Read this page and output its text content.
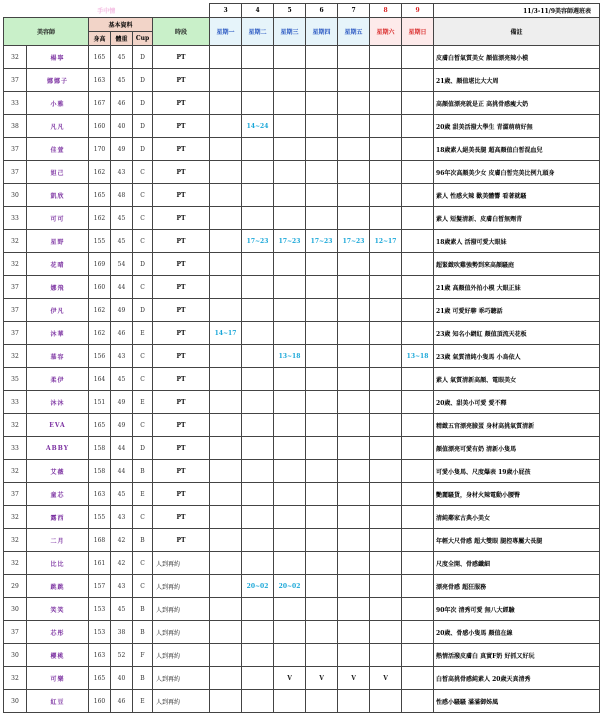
手中情						3	4	5	6	7	8	9	11/3-11/9美容師週班表
美容師		基本資料			時段	星期一	星期二	星期三	星期四	星期五	星期六	星期日	備註
		身高	體重	Cup									
32	楊寧	165	45	D	PT								皮膚白皙氣質美女 顏值漂亮辣小模
37	娜娜子	163	45	D	PT								21歲、顏值堪比大大周
33	小雅	167	46	D	PT								高顏值漂亮就是正 高挑骨感瘦大奶
38	凡凡	160	40	D	PT		14~24						20歲 甜美活潑大學生 青澀萌萌好無
37	佳萱	170	49	D	PT								18歲素人絕美長腿 超高顏值白皙混血兒
37	妲己	162	43	C	PT								96年次高顏美少女 皮膚白皙完美比例九頭身
30	凱欣	165	48	C	PT								素人 性感火辣 歡美體響 看著就騷
33	可可	162	45	C	PT								素人 短髮清新、皮膚白皙無劑青
32	星野	155	45	C	PT		17~23	17~23	17~23	17~23	12~17		18歲素人 活潑可愛大眼妹
32	花晴	169	54	D	PT								超緊緻吹雞強勢到來高顏騷庭
37	娜飛	160	44	C	PT								21歲 高顏值外拍小模 大眼正妹
37	伊凡	162	49	D	PT								21歲 可愛好聊 乖巧聽話
37	沐華	162	46	E	PT	14~17							23歲 知名小網紅 顏值頂流天花板
32	慕容	156	43	C	PT			13~18				13~18	23歲 氣質清純小隻馬 小鳥依人
35	柔伊	164	45	C	PT								素人 氣質清新高顏、電眼美女
33	沐沐	151	49	E	PT								20歲、甜美小可愛 愛不釋
32	EVA	165	49	C	PT								精緻五官漂亮臉蛋 身材高挑氣質清新
33	ABBY	158	44	D	PT								顏值漂亮可愛有奶 清新小隻馬
32	艾薇	158	44	B	PT								可愛小隻馬、尺度爆表 19歲小屁孩
37	童芯	163	45	E	PT								艷麗騷貨，身材火辣電動小腰臀
32	露西	155	43	C	PT								清純鄰家古典小美女
32	二月	168	42	B	PT								年輕大尺骨感 超大雙眼 腿控專屬大長腿
32	比比	161	42	C	人到再約								尺度全開、骨感纖細
29	跳跳	157	43	C	人到再約		20~02	20~02					漂亮骨感 超狂服務
30	笑笑	153	45	B	人到再約								90年次 清秀可愛 無八大經驗
37	芯彤	153	38	B	人到再約								20歲、骨感小隻馬 顏值在線
30	櫻桃	163	52	F	人到再約								熱情活潑皮膚白 真實F奶 好抓又好玩
32	可樂	165	40	B	人到再約			V	V	V	V		白皙高挑骨感純素人 20歲天真清秀
30	紅豆	160	46	E	人到再約								性感小騷騷 滿滿御姊風
